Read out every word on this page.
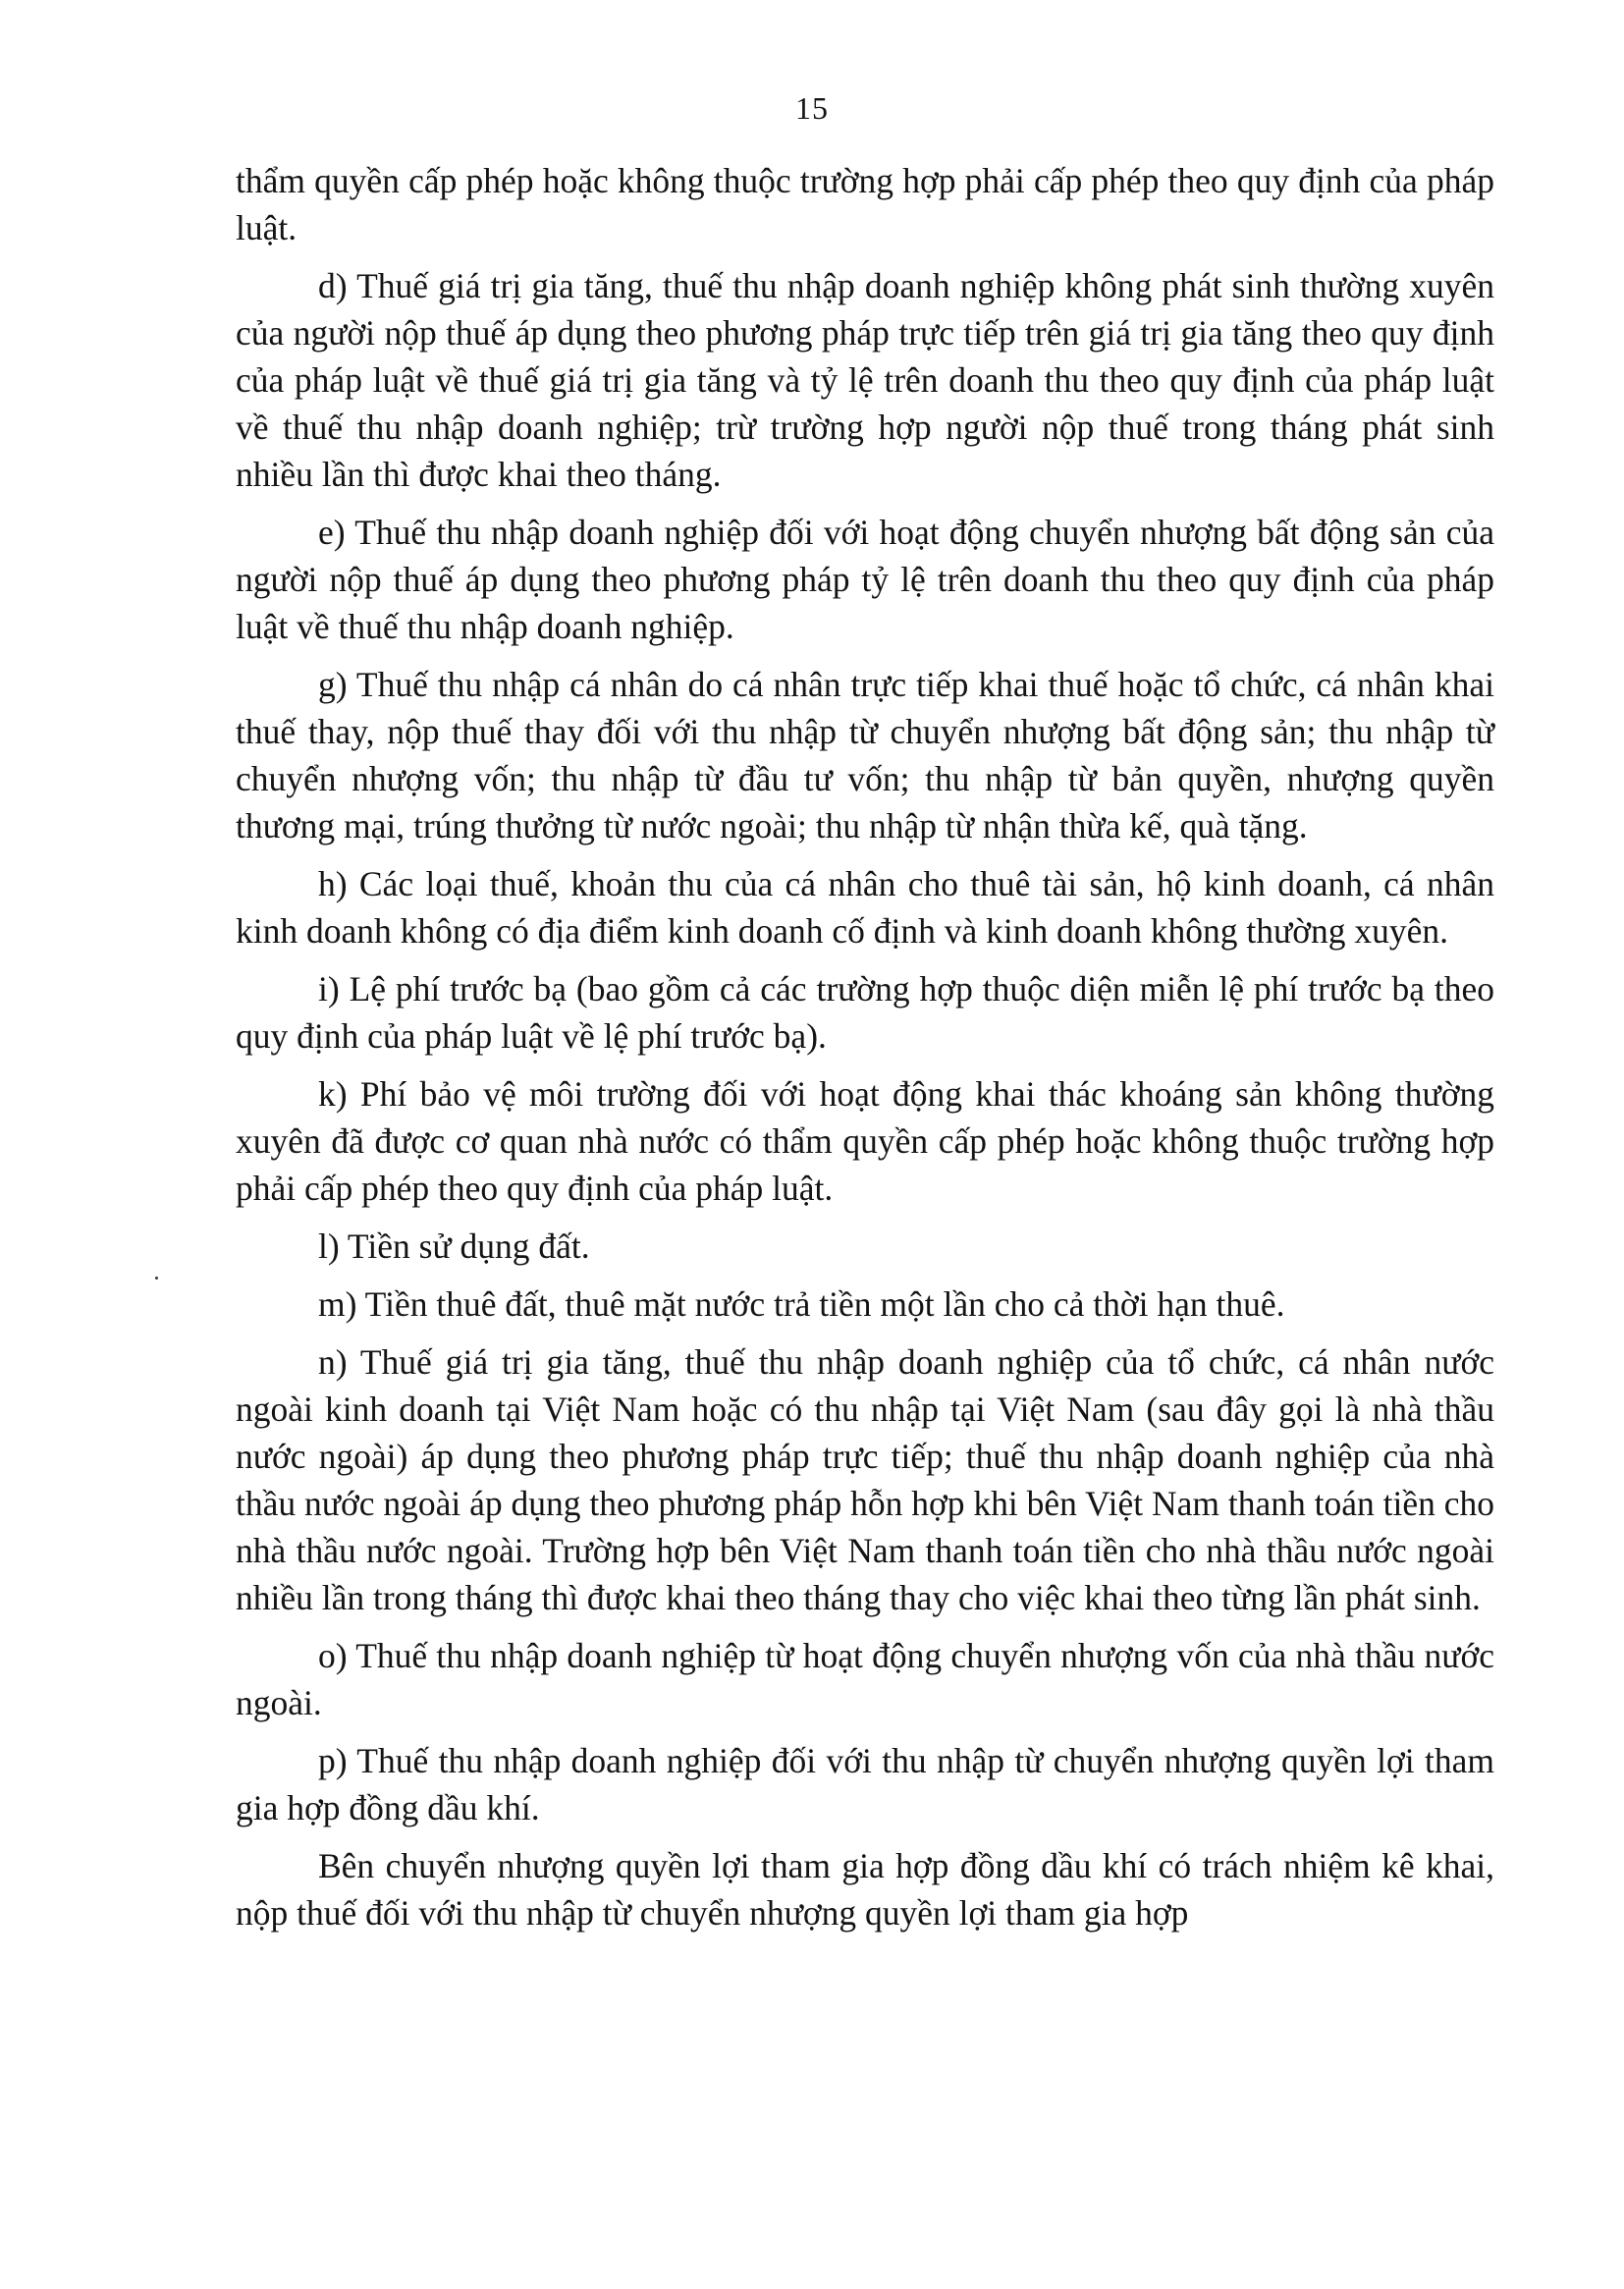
15

thẩm quyền cấp phép hoặc không thuộc trường hợp phải cấp phép theo quy định của pháp luật.

d) Thuế giá trị gia tăng, thuế thu nhập doanh nghiệp không phát sinh thường xuyên của người nộp thuế áp dụng theo phương pháp trực tiếp trên giá trị gia tăng theo quy định của pháp luật về thuế giá trị gia tăng và tỷ lệ trên doanh thu theo quy định của pháp luật về thuế thu nhập doanh nghiệp; trừ trường hợp người nộp thuế trong tháng phát sinh nhiều lần thì được khai theo tháng.

e) Thuế thu nhập doanh nghiệp đối với hoạt động chuyển nhượng bất động sản của người nộp thuế áp dụng theo phương pháp tỷ lệ trên doanh thu theo quy định của pháp luật về thuế thu nhập doanh nghiệp.

g) Thuế thu nhập cá nhân do cá nhân trực tiếp khai thuế hoặc tổ chức, cá nhân khai thuế thay, nộp thuế thay đối với thu nhập từ chuyển nhượng bất động sản; thu nhập từ chuyển nhượng vốn; thu nhập từ đầu tư vốn; thu nhập từ bản quyền, nhượng quyền thương mại, trúng thưởng từ nước ngoài; thu nhập từ nhận thừa kế, quà tặng.

h) Các loại thuế, khoản thu của cá nhân cho thuê tài sản, hộ kinh doanh, cá nhân kinh doanh không có địa điểm kinh doanh cố định và kinh doanh không thường xuyên.

i) Lệ phí trước bạ (bao gồm cả các trường hợp thuộc diện miễn lệ phí trước bạ theo quy định của pháp luật về lệ phí trước bạ).

k) Phí bảo vệ môi trường đối với hoạt động khai thác khoáng sản không thường xuyên đã được cơ quan nhà nước có thẩm quyền cấp phép hoặc không thuộc trường hợp phải cấp phép theo quy định của pháp luật.

l) Tiền sử dụng đất.

m) Tiền thuê đất, thuê mặt nước trả tiền một lần cho cả thời hạn thuê.

n) Thuế giá trị gia tăng, thuế thu nhập doanh nghiệp của tổ chức, cá nhân nước ngoài kinh doanh tại Việt Nam hoặc có thu nhập tại Việt Nam (sau đây gọi là nhà thầu nước ngoài) áp dụng theo phương pháp trực tiếp; thuế thu nhập doanh nghiệp của nhà thầu nước ngoài áp dụng theo phương pháp hỗn hợp khi bên Việt Nam thanh toán tiền cho nhà thầu nước ngoài. Trường hợp bên Việt Nam thanh toán tiền cho nhà thầu nước ngoài nhiều lần trong tháng thì được khai theo tháng thay cho việc khai theo từng lần phát sinh.

o) Thuế thu nhập doanh nghiệp từ hoạt động chuyển nhượng vốn của nhà thầu nước ngoài.

p) Thuế thu nhập doanh nghiệp đối với thu nhập từ chuyển nhượng quyền lợi tham gia hợp đồng dầu khí.

Bên chuyển nhượng quyền lợi tham gia hợp đồng dầu khí có trách nhiệm kê khai, nộp thuế đối với thu nhập từ chuyển nhượng quyền lợi tham gia hợp
